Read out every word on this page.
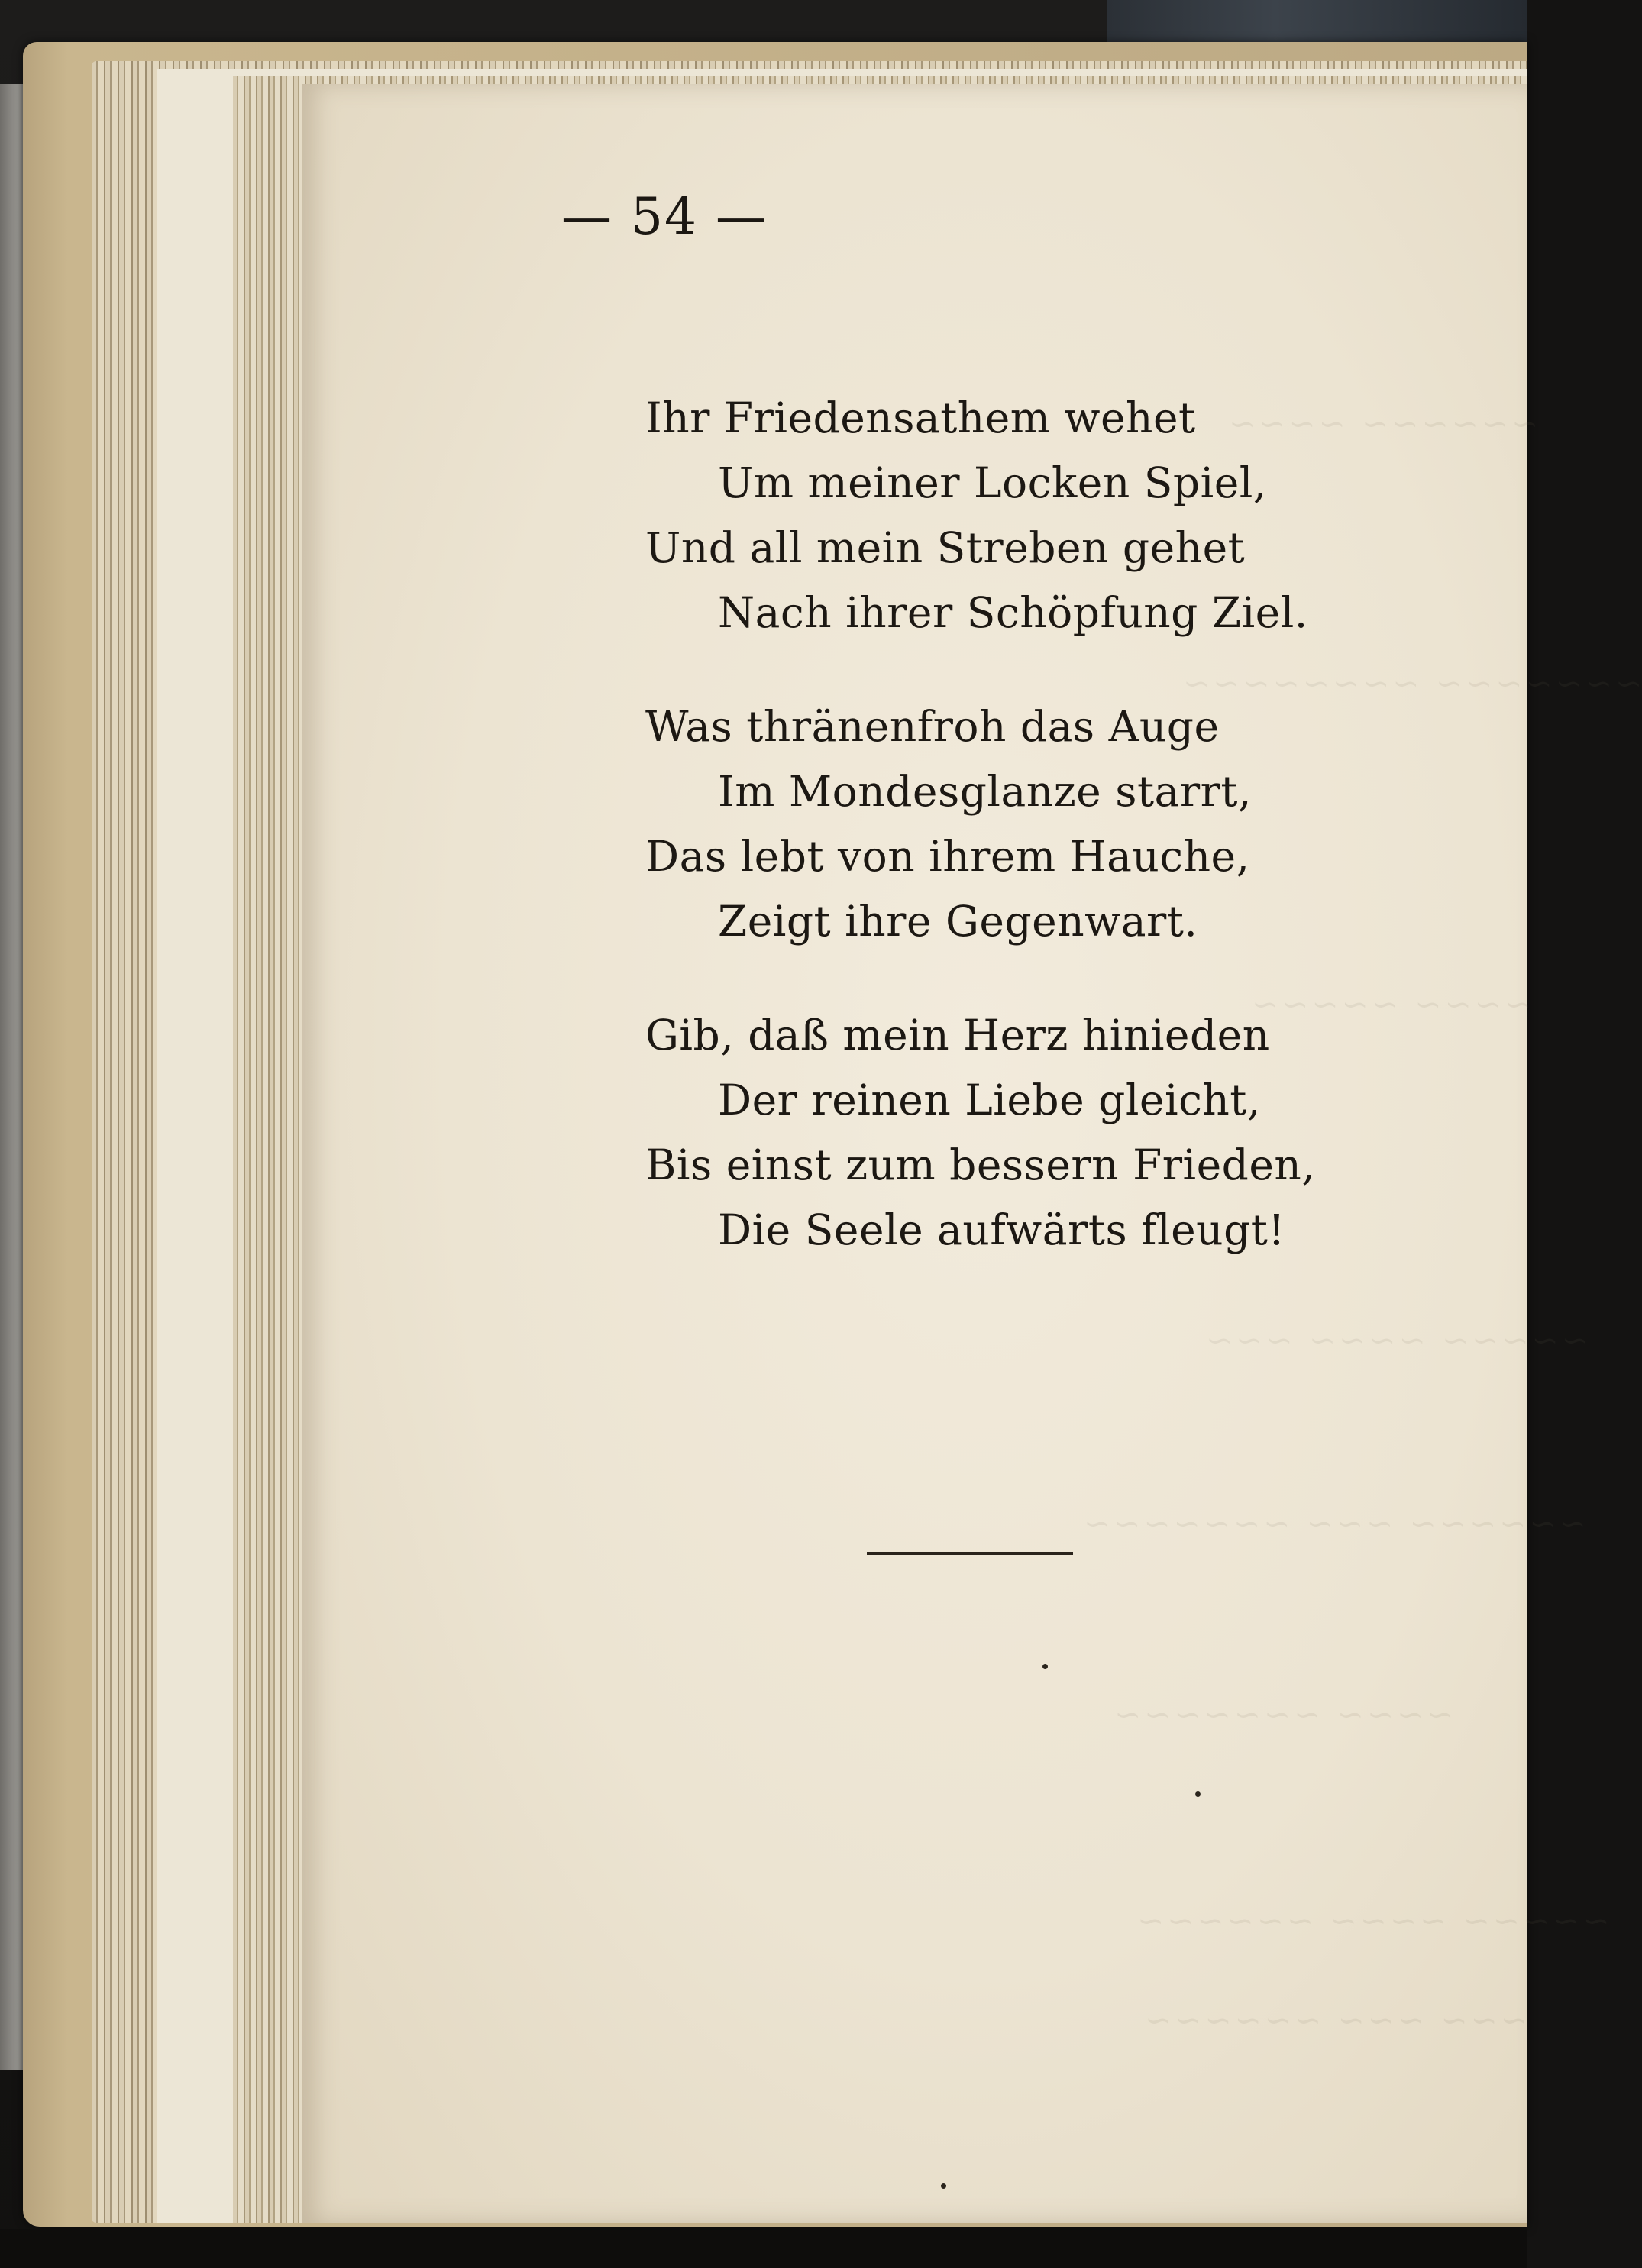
~~~~~~ ~~~~
~~~~~~~ ~~~~~~~~
~~~~ ~~~~~
~~~~~ ~~~~ ~~~
~~~~~~ ~~~ ~~~~~~~
~~~~ ~~~~~~~
~~~~~ ~~~~ ~~~~~~
~~~ ~~~ ~~~~~~
— 54 —
Ihr Friedensathem wehet
Um meiner Locken Spiel,
Und all mein Streben gehet
Nach ihrer Schöpfung Ziel.
Was thränenfroh das Auge
Im Mondesglanze starrt,
Das lebt von ihrem Hauche,
Zeigt ihre Gegenwart.
Gib, daß mein Herz hinieden
Der reinen Liebe gleicht,
Bis einst zum bessern Frieden,
Die Seele aufwärts fleugt!
